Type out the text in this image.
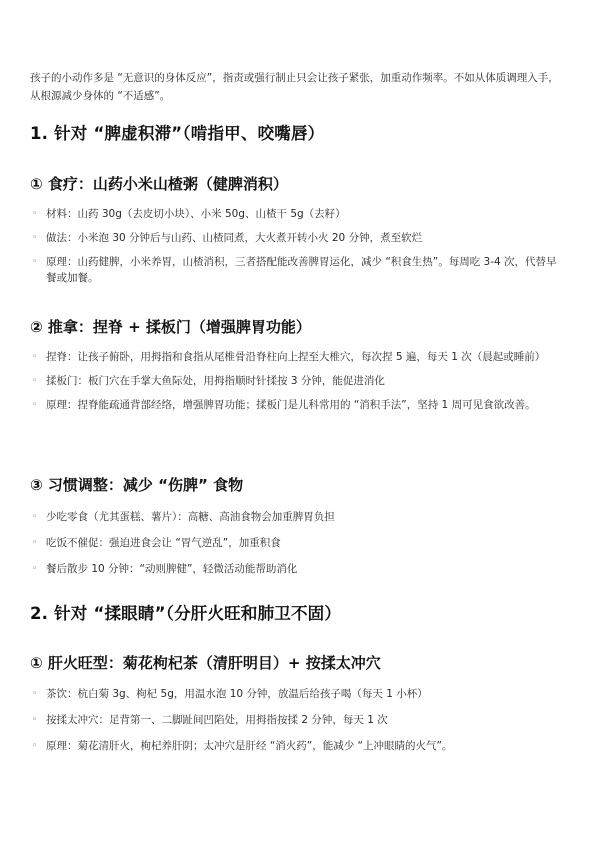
孩子的小动作多是 “无意识的身体反应”，指责或强行制止只会让孩子紧张，加重动作频率。不如从体质调理入手，从根源减少身体的 “不适感”。

1. 针对 “脾虚积滞”（啃指甲、咬嘴唇）
① 食疗：山药小米山楂粥（健脾消积）
◦ 材料：山药 30g（去皮切小块）、小米 50g、山楂干 5g（去籽）
◦ 做法：小米泡 30 分钟后与山药、山楂同煮，大火煮开转小火 20 分钟，煮至软烂
◦ 原理：山药健脾，小米养胃，山楂消积，三者搭配能改善脾胃运化，减少 “积食生热”。每周吃 3-4 次，代替早餐或加餐。
② 推拿：捏脊 + 揉板门（增强脾胃功能）
◦ 捏脊：让孩子俯卧，用拇指和食指从尾椎骨沿脊柱向上捏至大椎穴，每次捏 5 遍，每天 1 次（晨起或睡前）
◦ 揉板门：板门穴在手掌大鱼际处，用拇指顺时针揉按 3 分钟，能促进消化
◦ 原理：捏脊能疏通背部经络，增强脾胃功能；揉板门是儿科常用的 “消积手法”，坚持 1 周可见食欲改善。
③ 习惯调整：减少 “伤脾” 食物
◦ 少吃零食（尤其蛋糕、薯片）：高糖、高油食物会加重脾胃负担
◦ 吃饭不催促：强迫进食会让 “胃气逆乱”，加重积食
◦ 餐后散步 10 分钟：“动则脾健”，轻微活动能帮助消化
2. 针对 “揉眼睛”（分肝火旺和肺卫不固）
① 肝火旺型：菊花枸杞茶（清肝明目）+ 按揉太冲穴
◦ 茶饮：杭白菊 3g、枸杞 5g，用温水泡 10 分钟，放温后给孩子喝（每天 1 小杯）
◦ 按揉太冲穴：足背第一、二脚趾间凹陷处，用拇指按揉 2 分钟，每天 1 次
◦ 原理：菊花清肝火，枸杞养肝阴；太冲穴是肝经 “消火药”，能减少 “上冲眼睛的火气”。
